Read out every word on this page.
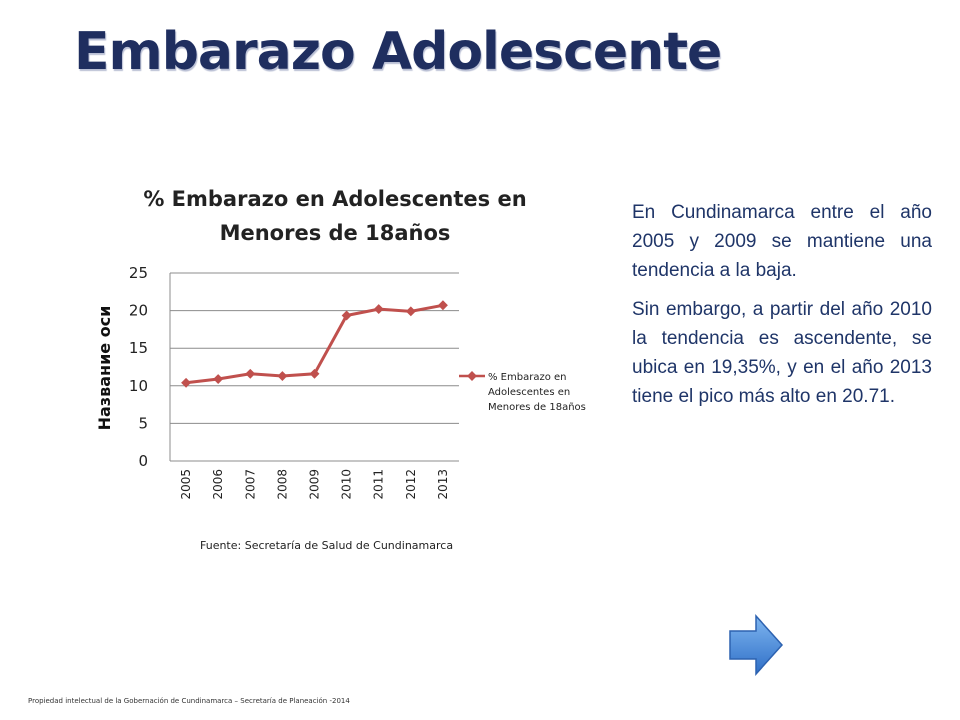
Embarazo Adolescente
% Embarazo en Adolescentes en
Menores de 18años
0
5
10
15
20
25
2005 2006 2007 2008 2009 2010 2011 2012 2013
Название оси	% Embarazo en
Adolescentes en
Menores de 18años
Fuente: Secretaría de Salud de Cundinamarca

En Cundinamarca entre el año 2005 y 2009 se mantiene una tendencia a la baja.

Sin embargo, a partir del año 2010 la tendencia es ascendente, se ubica en 19,35%, y en el año 2013 tiene el pico más alto en 20.71.

Propiedad intelectual de la Gobernación de Cundinamarca – Secretaría de Planeación -2014
